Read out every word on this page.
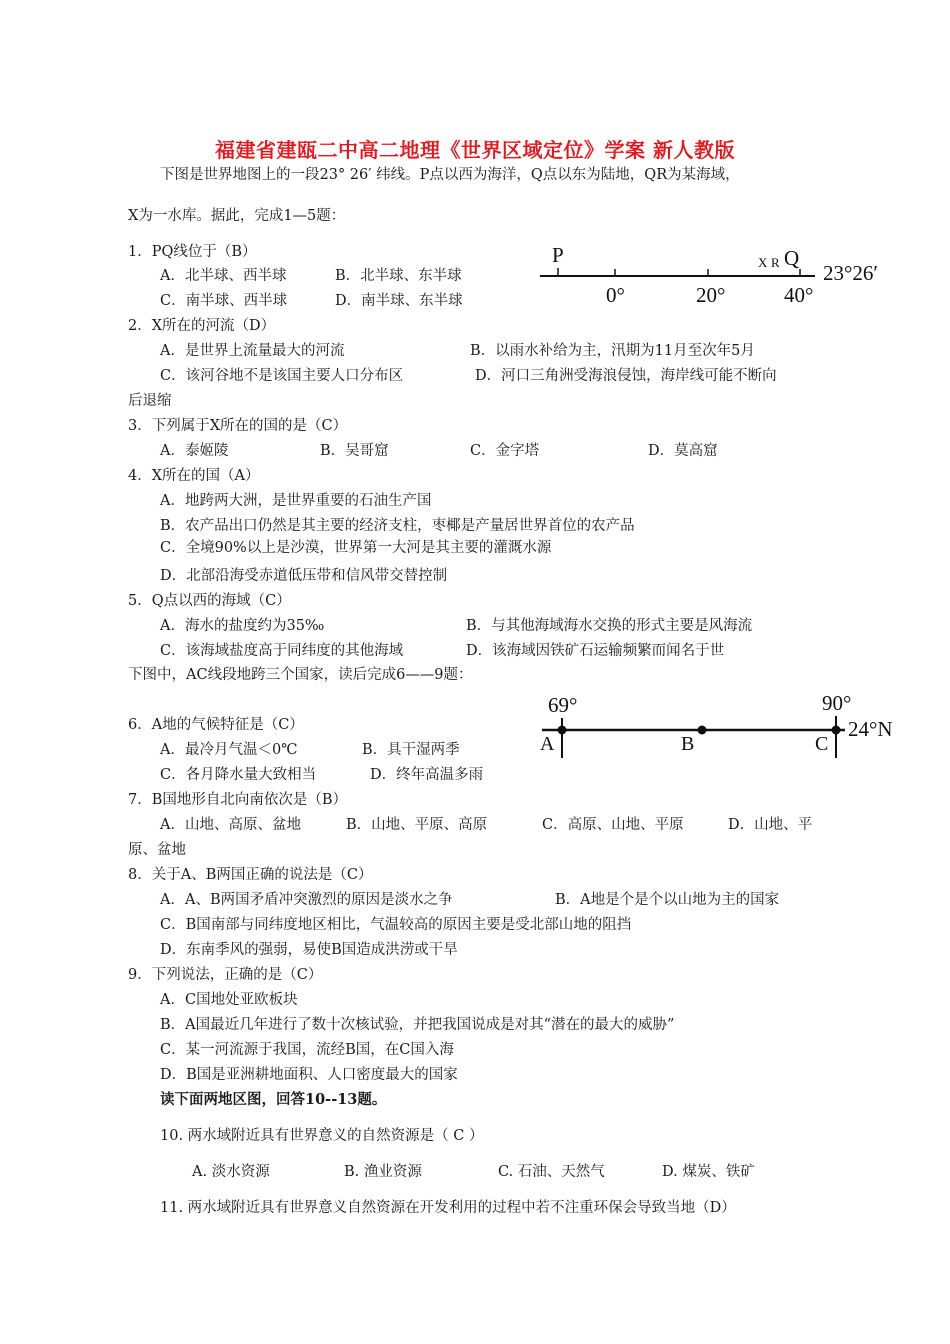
福建省建瓯二中高二地理《世界区域定位》学案 新人教版
下图是世界地图上的一段23° 26′ 纬线。P点以西为海洋，Q点以东为陆地，QR为某海域，
X为一水库。据此，完成1—5题：
P	X R Q
23°26′
0°	20°	40°
1．PQ线位于（B）
A．北半球、西半球	B．北半球、东半球
C．南半球、西半球	D．南半球、东半球
2．X所在的河流（D）
A．是世界上流量最大的河流	B．以雨水补给为主，汛期为11月至次年5月
C．该河谷地不是该国主要人口分布区	D．河口三角洲受海浪侵蚀，海岸线可能不断向
后退缩
3．下列属于X所在的国的是（C）
A．泰姬陵	B．吴哥窟	C．金字塔	D．莫高窟
4．X所在的国（A）
A．地跨两大洲，是世界重要的石油生产国
B．农产品出口仍然是其主要的经济支柱，枣椰是产量居世界首位的农产品
C．全境90%以上是沙漠，世界第一大河是其主要的灌溉水源
D．北部沿海受赤道低压带和信风带交替控制
5．Q点以西的海域（C）
A．海水的盐度约为35‰	B．与其他海域海水交换的形式主要是风海流
C．该海域盐度高于同纬度的其他海域	D．该海域因铁矿石运输频繁而闻名于世
下图中，AC线段地跨三个国家，读后完成6——9题：
69°	90°
A	B	C
24°N
6．A地的气候特征是（C）
A．最冷月气温＜0℃	B．具干湿两季
C．各月降水量大致相当	D．终年高温多雨
7．B国地形自北向南依次是（B）
A．山地、高原、盆地	B．山地、平原、高原	C．高原、山地、平原	D．山地、平
原、盆地
8．关于A、B两国正确的说法是（C）
A．A、B两国矛盾冲突激烈的原因是淡水之争	B．A地是个是个以山地为主的国家
C．B国南部与同纬度地区相比，气温较高的原因主要是受北部山地的阻挡
D．东南季风的强弱，易使B国造成洪涝或干旱
9．下列说法，正确的是（C）
A．C国地处亚欧板块
B．A国最近几年进行了数十次核试验，并把我国说成是对其“潜在的最大的威胁”
C．某一河流源于我国，流经B国，在C国入海
D．B国是亚洲耕地面积、人口密度最大的国家
读下面两地区图，回答10--13题。
10. 两水域附近具有世界意义的自然资源是（ C ）
A. 淡水资源	B. 渔业资源	C. 石油、天然气	D. 煤炭、铁矿
11. 两水域附近具有世界意义自然资源在开发利用的过程中若不注重环保会导致当地（D）
